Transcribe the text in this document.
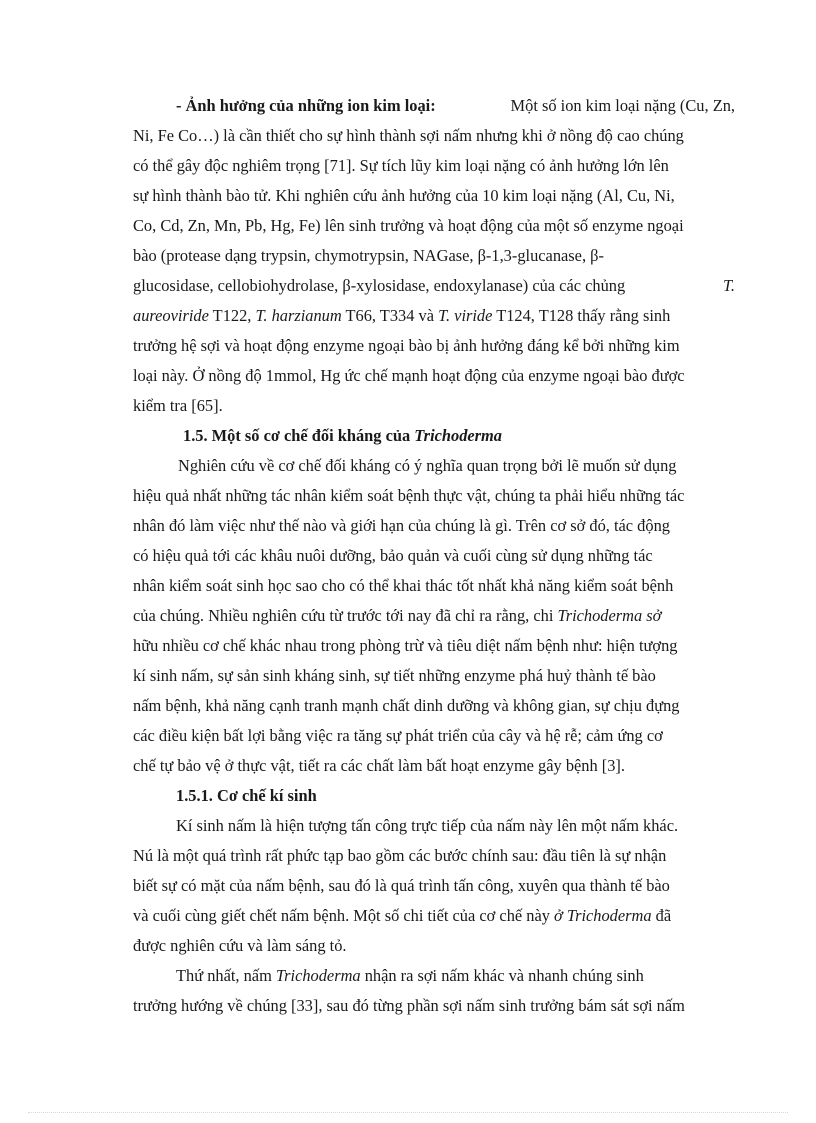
- Ảnh hưởng của những ion kim loại:	Một số ion kim loại nặng (Cu, Zn,
Ni, Fe Co…) là cần thiết cho sự hình thành sợi nấm nhưng khi ở nồng độ cao chúng
có thể gây độc nghiêm trọng [71]. Sự tích lũy kim loại nặng có ảnh hưởng lớn lên
sự hình thành bào tử. Khi nghiên cứu ảnh hưởng của 10 kim loại nặng (Al, Cu, Ni,
Co, Cd, Zn, Mn, Pb, Hg, Fe) lên sinh trưởng và hoạt động của một số enzyme ngoại
bào (protease dạng trypsin, chymotrypsin, NAGase, β-1,3-glucanase, β-
glucosidase, cellobiohydrolase, β-xylosidase, endoxylanase) của các chủng	T.
aureoviride T122, T. harzianum T66, T334 và T. viride T124, T128 thấy rằng sinh
trưởng hệ sợi và hoạt động enzyme ngoại bào bị ảnh hưởng đáng kể bởi những kim
loại này. Ở nồng độ 1mmol, Hg ức chế mạnh hoạt động của enzyme ngoại bào được
kiểm tra [65].
1.5. Một số cơ chế đối kháng của Trichoderma
Nghiên cứu về cơ chế đối kháng có ý nghĩa quan trọng bởi lẽ muốn sử dụng
hiệu quả nhất những tác nhân kiểm soát bệnh thực vật, chúng ta phải hiểu những tác
nhân đó làm việc như thế nào và giới hạn của chúng là gì. Trên cơ sở đó, tác động
có hiệu quả tới các khâu nuôi dưỡng, bảo quản và cuối cùng sử dụng những tác
nhân kiểm soát sinh học sao cho có thể khai thác tốt nhất khả năng kiểm soát bệnh
của chúng. Nhiều nghiên cứu từ trước tới nay đã chỉ ra rằng, chi Trichoderma sở
hữu nhiều cơ chế khác nhau trong phòng trừ và tiêu diệt nấm bệnh như: hiện tượng
kí sinh nấm, sự sản sinh kháng sinh, sự tiết những enzyme phá huỷ thành tế bào
nấm bệnh, khả năng cạnh tranh mạnh chất dinh dưỡng và không gian, sự chịu đựng
các điều kiện bất lợi bằng việc ra tăng sự phát triển của cây và hệ rễ; cảm ứng cơ
chế tự bảo vệ ở thực vật, tiết ra các chất làm bất hoạt enzyme gây bệnh [3].
1.5.1. Cơ chế kí sinh
Kí sinh nấm là hiện tượng tấn công trực tiếp của nấm này lên một nấm khác.
Nú là một quá trình rất phức tạp bao gồm các bước chính sau: đầu tiên là sự nhận
biết sự có mặt của nấm bệnh, sau đó là quá trình tấn công, xuyên qua thành tế bào
và cuối cùng giết chết nấm bệnh. Một số chi tiết của cơ chế này ở Trichoderma đã
được nghiên cứu và làm sáng tỏ.
Thứ nhất, nấm Trichoderma nhận ra sợi nấm khác và nhanh chúng sinh
trưởng hướng về chúng [33], sau đó từng phần sợi nấm sinh trưởng bám sát sợi nấm
